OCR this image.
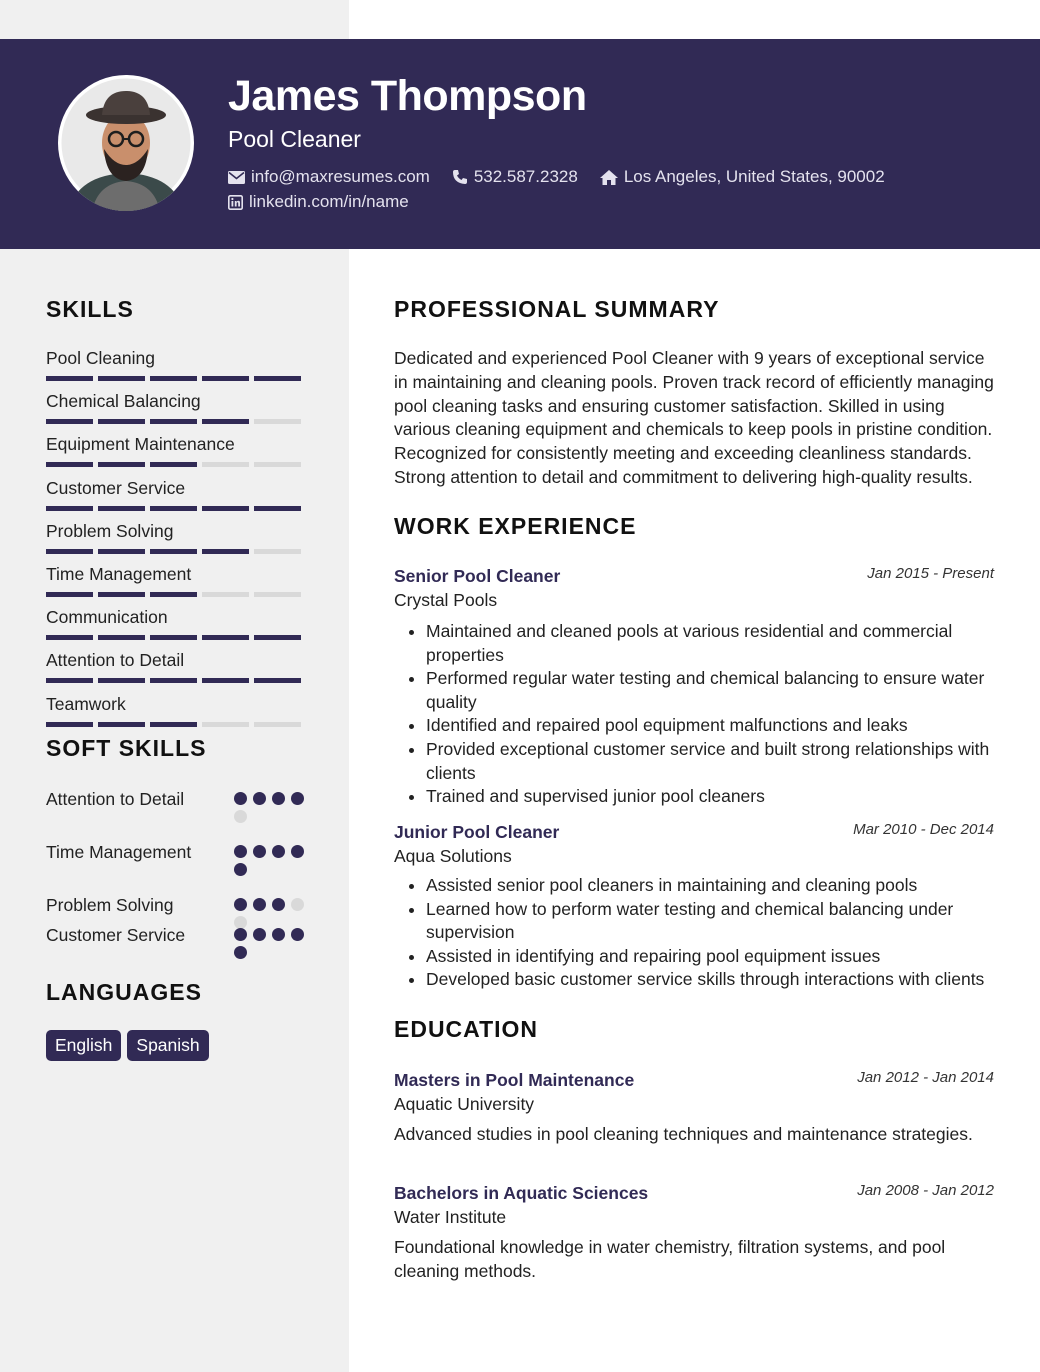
James Thompson
Pool Cleaner
info@maxresumes.com	532.587.2328	Los Angeles, United States, 90002
linkedin.com/in/name
SKILLS
Pool Cleaning
Chemical Balancing
Equipment Maintenance
Customer Service
Problem Solving
Time Management
Communication
Attention to Detail
Teamwork
SOFT SKILLS
Attention to Detail
Time Management
Problem Solving
Customer Service
LANGUAGES
English	Spanish
PROFESSIONAL SUMMARY

Dedicated and experienced Pool Cleaner with 9 years of exceptional service in maintaining and cleaning pools. Proven track record of efficiently managing pool cleaning tasks and ensuring customer satisfaction. Skilled in using various cleaning equipment and chemicals to keep pools in pristine condition. Recognized for consistently meeting and exceeding cleanliness standards. Strong attention to detail and commitment to delivering high-quality results.

WORK EXPERIENCE
Senior Pool Cleaner	Jan 2015 - Present
Crystal Pools
• Maintained and cleaned pools at various residential and commercial properties
• Performed regular water testing and chemical balancing to ensure water quality
• Identified and repaired pool equipment malfunctions and leaks
• Provided exceptional customer service and built strong relationships with clients
• Trained and supervised junior pool cleaners
Junior Pool Cleaner	Mar 2010 - Dec 2014
Aqua Solutions
• Assisted senior pool cleaners in maintaining and cleaning pools
• Learned how to perform water testing and chemical balancing under supervision
• Assisted in identifying and repairing pool equipment issues
• Developed basic customer service skills through interactions with clients
EDUCATION
Masters in Pool Maintenance	Jan 2012 - Jan 2014
Aquatic University
Advanced studies in pool cleaning techniques and maintenance strategies.
Bachelors in Aquatic Sciences	Jan 2008 - Jan 2012
Water Institute
Foundational knowledge in water chemistry, filtration systems, and pool cleaning methods.
